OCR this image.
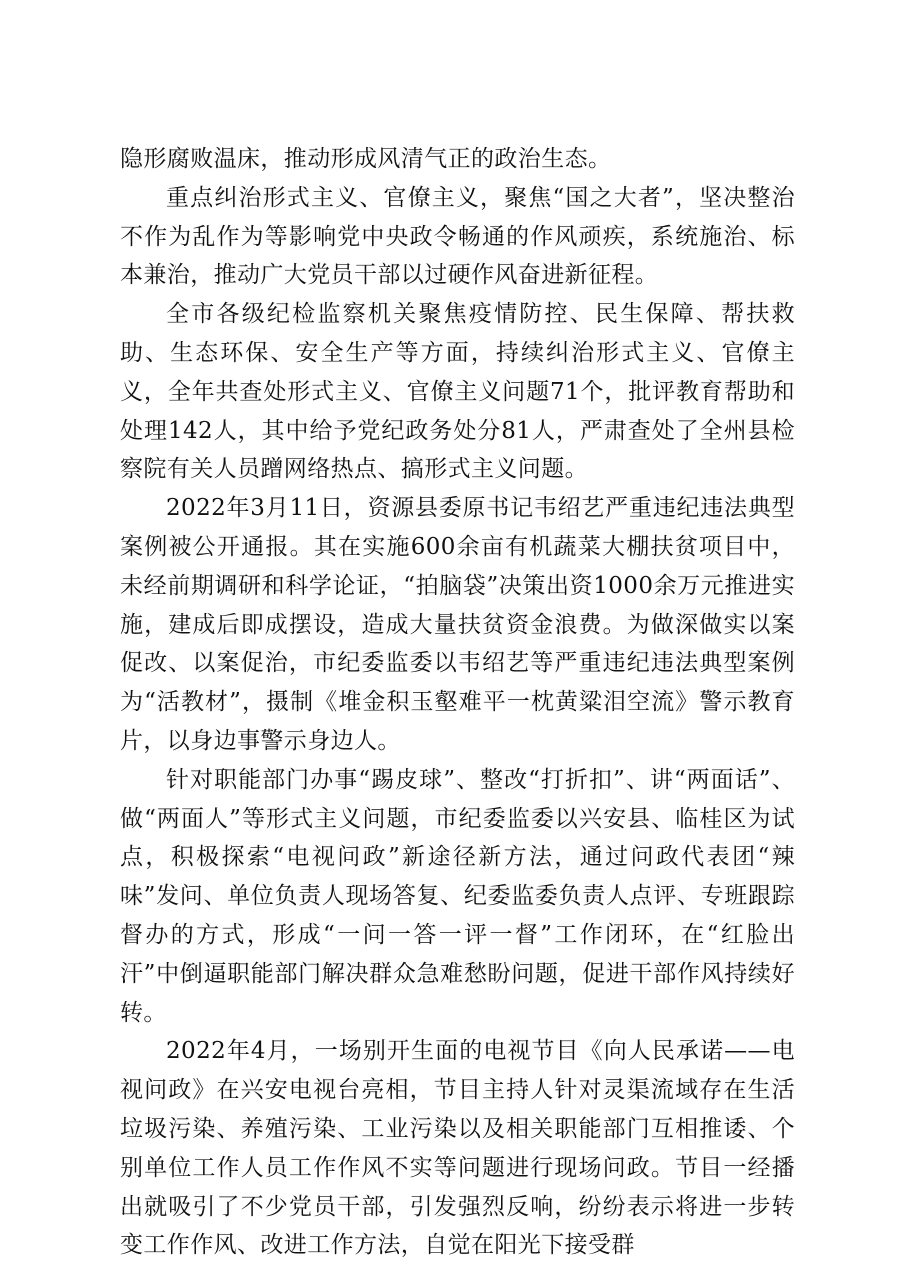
隐形腐败温床，推动形成风清气正的政治生态。

重点纠治形式主义、官僚主义，聚焦“国之大者”，坚决整治不作为乱作为等影响党中央政令畅通的作风顽疾，系统施治、标本兼治，推动广大党员干部以过硬作风奋进新征程。

全市各级纪检监察机关聚焦疫情防控、民生保障、帮扶救助、生态环保、安全生产等方面，持续纠治形式主义、官僚主义，全年共查处形式主义、官僚主义问题71个，批评教育帮助和处理142人，其中给予党纪政务处分81人，严肃查处了全州县检察院有关人员蹭网络热点、搞形式主义问题。

2022年3月11日，资源县委原书记韦绍艺严重违纪违法典型案例被公开通报。其在实施600余亩有机蔬菜大棚扶贫项目中，未经前期调研和科学论证，“拍脑袋”决策出资1000余万元推进实施，建成后即成摆设，造成大量扶贫资金浪费。为做深做实以案促改、以案促治，市纪委监委以韦绍艺等严重违纪违法典型案例为“活教材”，摄制《堆金积玉壑难平一枕黄粱泪空流》警示教育片，以身边事警示身边人。

针对职能部门办事“踢皮球”、整改“打折扣”、讲“两面话”、做“两面人”等形式主义问题，市纪委监委以兴安县、临桂区为试点，积极探索“电视问政”新途径新方法，通过问政代表团“辣味”发问、单位负责人现场答复、纪委监委负责人点评、专班跟踪督办的方式，形成“一问一答一评一督”工作闭环，在“红脸出汗”中倒逼职能部门解决群众急难愁盼问题，促进干部作风持续好转。

2022年4月，一场别开生面的电视节目《向人民承诺——电视问政》在兴安电视台亮相，节目主持人针对灵渠流域存在生活垃圾污染、养殖污染、工业污染以及相关职能部门互相推诿、个别单位工作人员工作作风不实等问题进行现场问政。节目一经播出就吸引了不少党员干部，引发强烈反响，纷纷表示将进一步转变工作作风、改进工作方法，自觉在阳光下接受群
